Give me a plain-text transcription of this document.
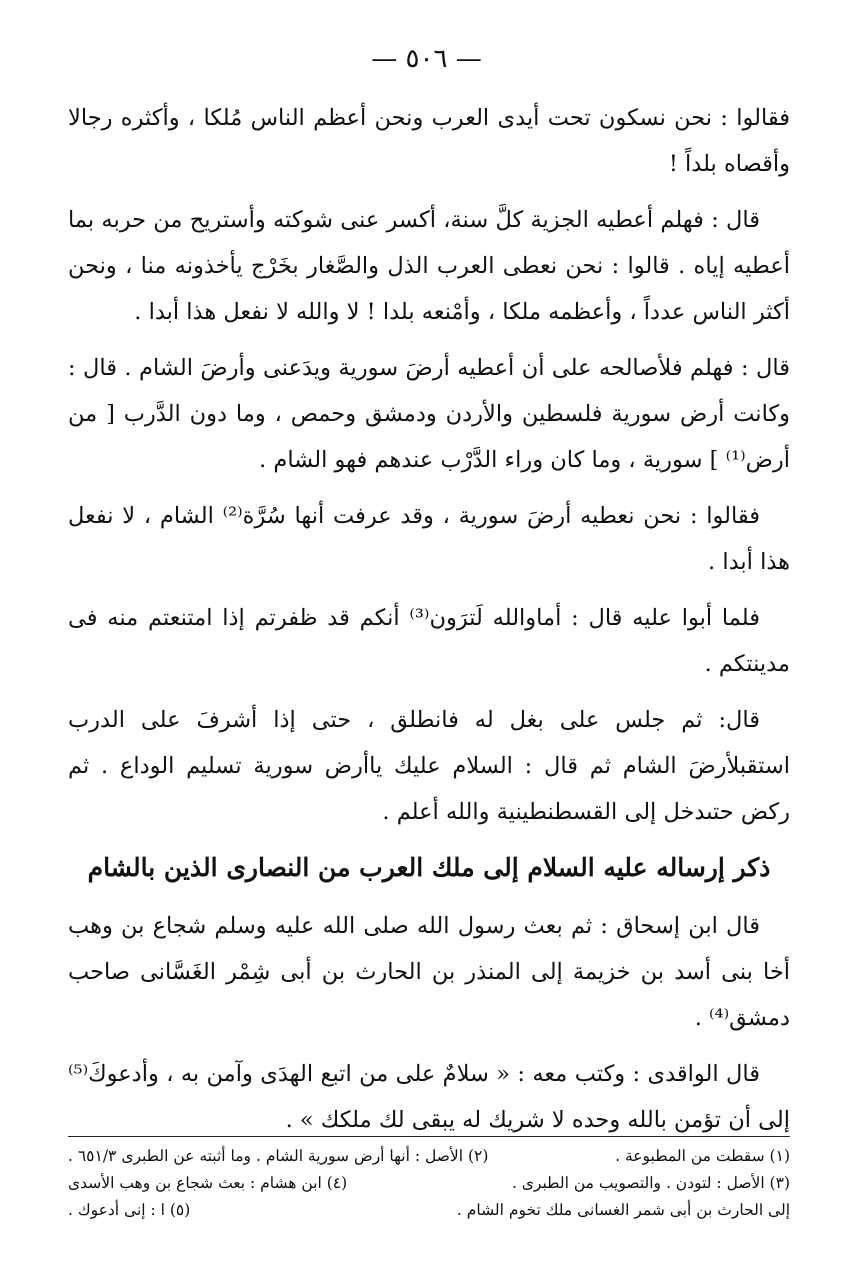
— ٥٠٦ —

فقالوا : نحن نسكون تحت أيدى العرب ونحن أعظم الناس مُلكا ، وأكثره رجالا وأقصاه بلداً !

قال : فهلم أعطيه الجزية كلَّ سنة، أكسر عنى شوكته وأستريح من حربه بما أعطيه إياه . قالوا : نحن نعطى العرب الذل والصَّغار بخَرْج يأخذونه منا ، ونحن أكثر الناس عدداً ، وأعظمه ملكا ، وأمْنعه بلدا ! لا والله لا نفعل هذا أبدا .

قال : فهلم فلأصالحه على أن أعطيه أرضَ سورية ويدَعنى وأرضَ الشام . قال : وكانت أرض سورية فلسطين والأردن ودمشق وحمص ، وما دون الدَّرب [ من أرض⁽¹⁾ ] سورية ، وما كان وراء الدَّرْب عندهم فهو الشام .

فقالوا : نحن نعطيه أرضَ سورية ، وقد عرفت أنها سُرَّة⁽²⁾ الشام ، لا نفعل هذا أبدا .

فلما أبوا عليه قال : أماوالله لَترَون⁽³⁾ أنكم قد ظفرتم إذا امتنعتم منه فى مدينتكم .

قال: ثم جلس على بغل له فانطلق ، حتى إذا أشرفَ على الدرب استقبلأرضَ الشام ثم قال : السلام عليك ياأرض سورية تسليم الوداع . ثم ركض حتىدخل إلى القسطنطينية والله أعلم .

ذكر إرساله عليه السلام إلى ملك العرب من النصارى الذين بالشام

قال ابن إسحاق : ثم بعث رسول الله صلى الله عليه وسلم شجاع بن وهب أخا بنى أسد بن خزيمة إلى المنذر بن الحارث بن أبى شِمْر الغَسَّانى صاحب دمشق⁽⁴⁾ .

قال الواقدى : وكتب معه : « سلامٌ على من اتبع الهدَى وآمن به ، وأدعوكَ⁽⁵⁾ إلى أن تؤمن بالله وحده لا شريك له يبقى لك ملكك » .

(١) سقطت من المطبوعة .
(٢) الأصل : أنها أرض سورية الشام . وما أثبته عن الطبرى ٦٥١/٣ .
(٣) الأصل : لتودن . والتصويب من الطبرى .
(٤) ابن هشام : بعث شجاع بن وهب الأسدى
إلى الحارث بن أبى شمر الغسانى ملك تخوم الشام .
(٥) ا : إنى أدعوك .
